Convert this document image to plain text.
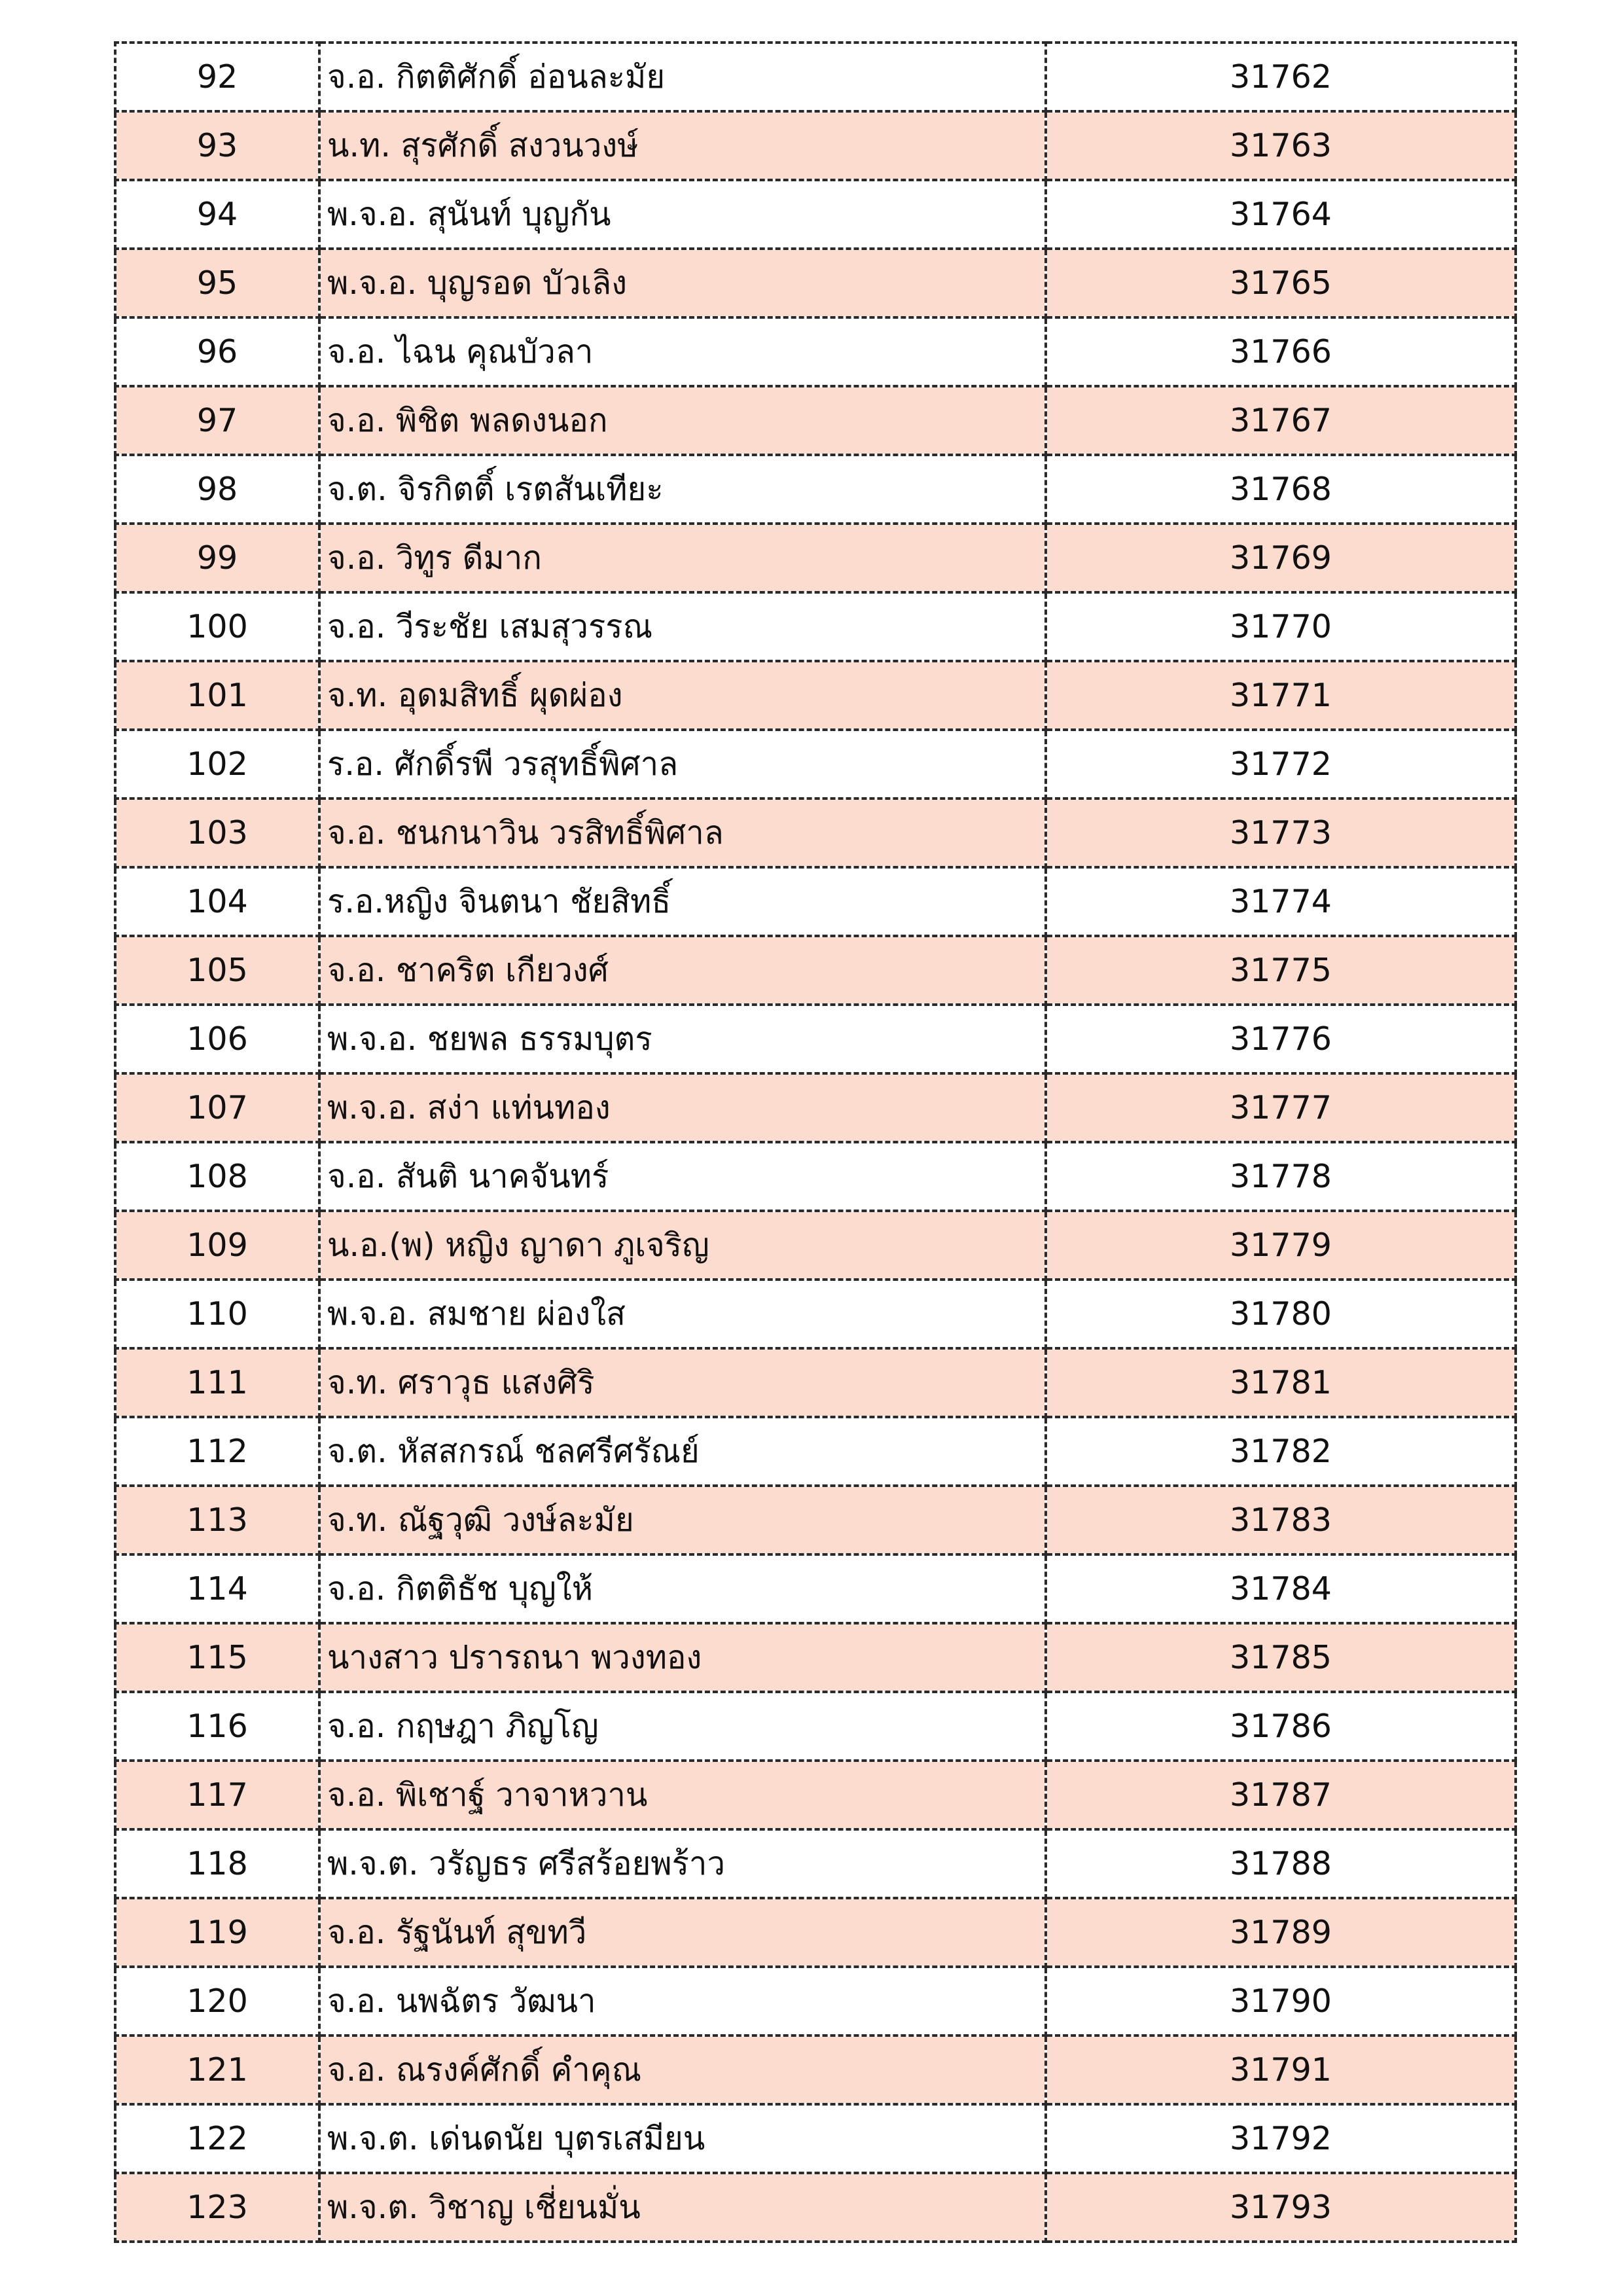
92	จ.อ. กิตติศักดิ์ อ่อนละมัย	31762
93	น.ท. สุรศักดิ์ สงวนวงษ์	31763
94	พ.จ.อ. สุนันท์ บุญกัน	31764
95	พ.จ.อ. บุญรอด บัวเลิง	31765
96	จ.อ. ไฉน คุณบัวลา	31766
97	จ.อ. พิชิต พลดงนอก	31767
98	จ.ต. จิรกิตติ์ เรตสันเทียะ	31768
99	จ.อ. วิทูร ดีมาก	31769
100	จ.อ. วีระชัย เสมสุวรรณ	31770
101	จ.ท. อุดมสิทธิ์ ผุดผ่อง	31771
102	ร.อ. ศักดิ์รพี วรสุทธิ์พิศาล	31772
103	จ.อ. ชนกนาวิน วรสิทธิ์พิศาล	31773
104	ร.อ.หญิง จินตนา ชัยสิทธิ์	31774
105	จ.อ. ชาคริต เกียวงศ์	31775
106	พ.จ.อ. ชยพล ธรรมบุตร	31776
107	พ.จ.อ. สง่า แท่นทอง	31777
108	จ.อ. สันติ นาคจันทร์	31778
109	น.อ.(พ) หญิง ญาดา ภูเจริญ	31779
110	พ.จ.อ. สมชาย ผ่องใส	31780
111	จ.ท. ศราวุธ แสงศิริ	31781
112	จ.ต. หัสสกรณ์ ชลศรีศรัณย์	31782
113	จ.ท. ณัฐวุฒิ วงษ์ละมัย	31783
114	จ.อ. กิตติธัช บุญให้	31784
115	นางสาว ปรารถนา พวงทอง	31785
116	จ.อ. กฤษฎา ภิญโญ	31786
117	จ.อ. พิเชาฐ์ วาจาหวาน	31787
118	พ.จ.ต. วรัญธร ศรีสร้อยพร้าว	31788
119	จ.อ. รัฐนันท์ สุขทวี	31789
120	จ.อ. นพฉัตร วัฒนา	31790
121	จ.อ. ณรงค์ศักดิ์ คำคุณ	31791
122	พ.จ.ต. เด่นดนัย บุตรเสมียน	31792
123	พ.จ.ต. วิชาญ เชี่ยนมั่น	31793
